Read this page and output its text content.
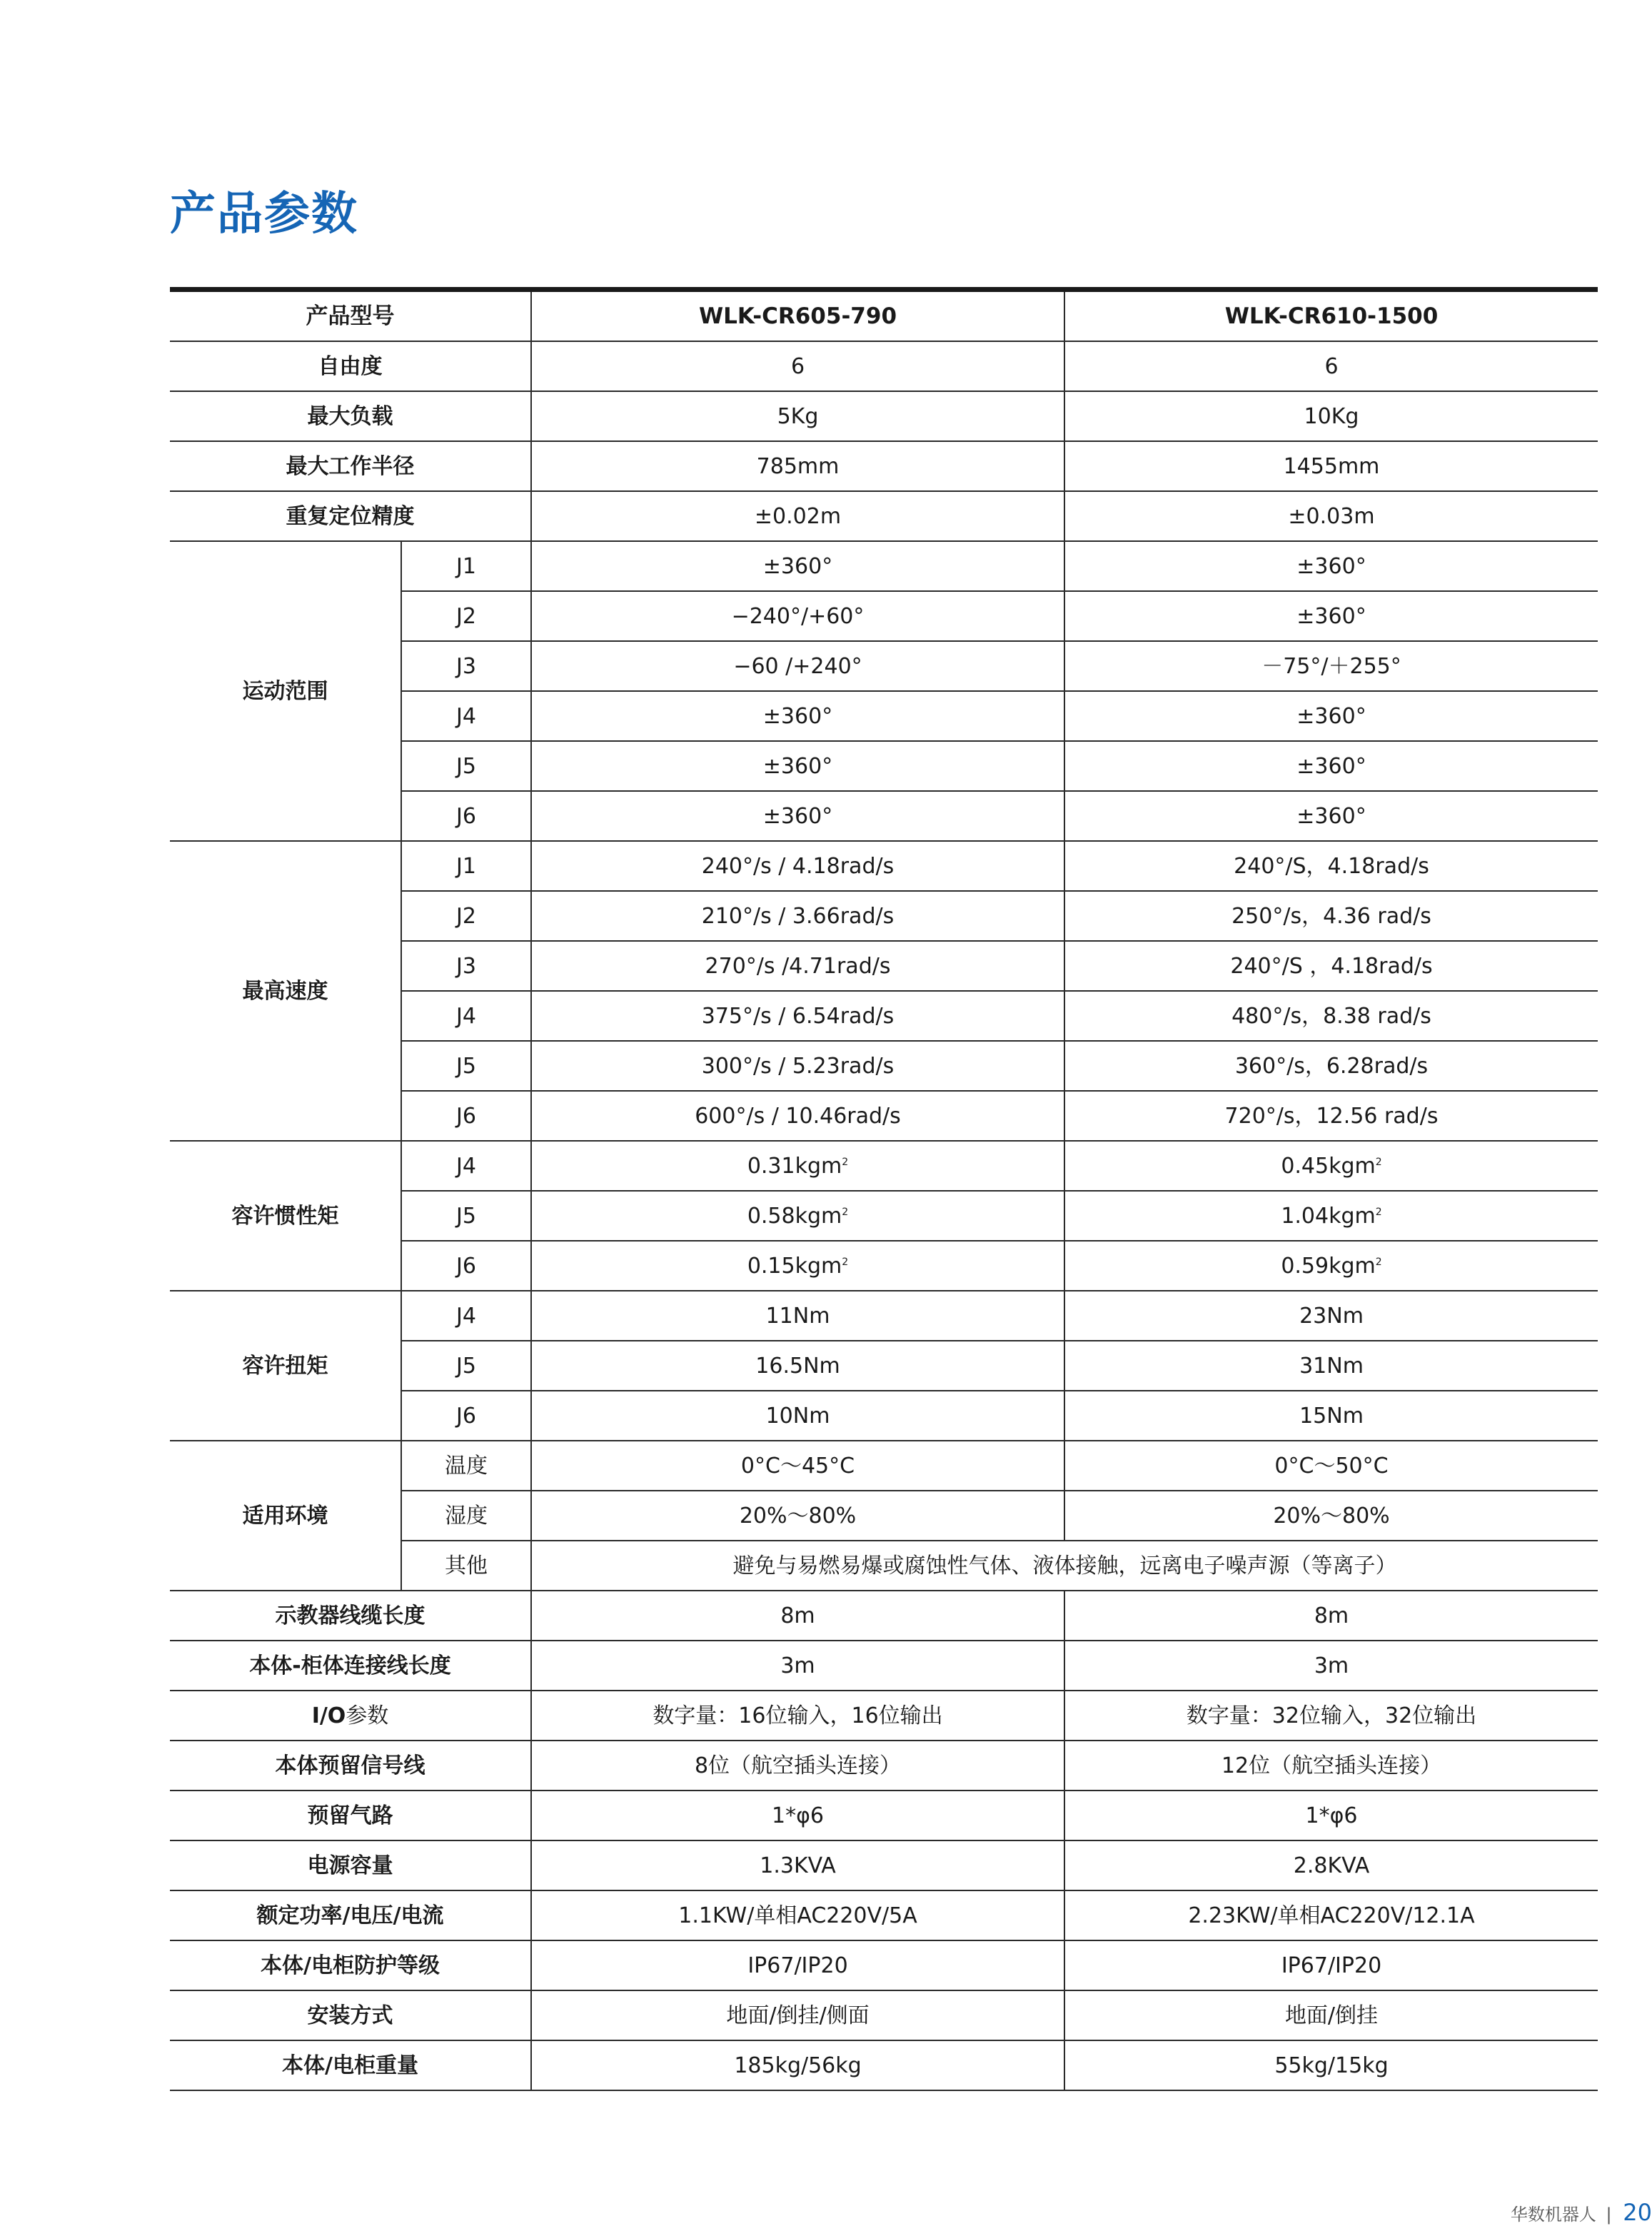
产品参数
产品型号		WLK-CR605-790	WLK-CR610-1500
自由度		6	6
最大负载		5Kg	10Kg
最大工作半径		785mm	1455mm
重复定位精度		±0.02m	±0.03m
运动范围	J1	±360°	±360°
	J2	−240°/+60°	±360°
	J3	−60 /+240°	－75°/＋255°
	J4	±360°	±360°
	J5	±360°	±360°
	J6	±360°	±360°
最高速度	J1	240°/s / 4.18rad/s	240°/S，4.18rad/s
	J2	210°/s / 3.66rad/s	250°/s，4.36 rad/s
	J3	270°/s /4.71rad/s	240°/S ，4.18rad/s
	J4	375°/s / 6.54rad/s	480°/s，8.38 rad/s
	J5	300°/s / 5.23rad/s	360°/s，6.28rad/s
	J6	600°/s / 10.46rad/s	720°/s，12.56 rad/s
容许惯性矩	J4	0.31kgm$^2$	0.45kgm$^2$
	J5	0.58kgm$^2$	1.04kgm$^2$
	J6	0.15kgm$^2$	0.59kgm$^2$
容许扭矩	J4	11Nm	23Nm
	J5	16.5Nm	31Nm
	J6	10Nm	15Nm
适用环境	温度	0°C～45°C	0°C～50°C
	湿度	20%～80%	20%～80%
	其他	避免与易燃易爆或腐蚀性气体、液体接触，远离电子噪声源（等离子）	
示教器线缆长度		8m	8m
本体-柜体连接线长度		3m	3m
I/O参数		数字量：16位输入，16位输出	数字量：32位输入，32位输出
本体预留信号线		8位（航空插头连接）	12位（航空插头连接）
预留气路		1*φ6	1*φ6
电源容量		1.3KVA	2.8KVA
额定功率/电压/电流		1.1KW/单相AC220V/5A	2.23KW/单相AC220V/12.1A
本体/电柜防护等级		IP67/IP20	IP67/IP20
安装方式		地面/倒挂/侧面	地面/倒挂
本体/电柜重量		185kg/56kg	55kg/15kg
华数机器人 | 20
